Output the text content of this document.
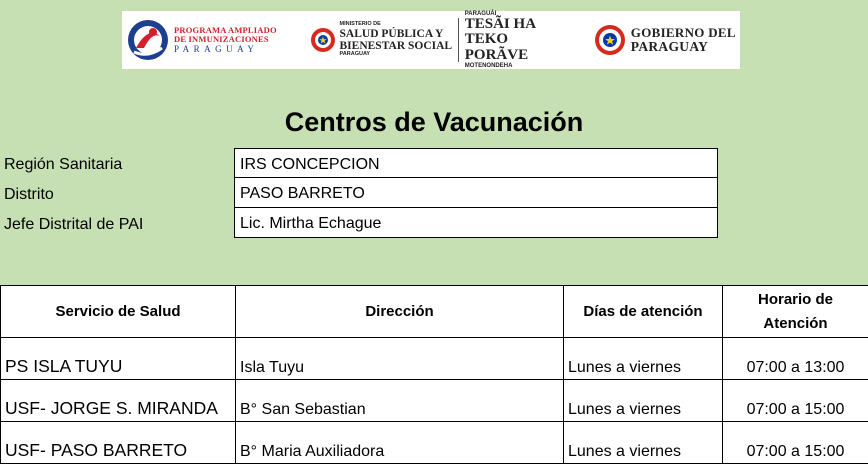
PROGRAMA AMPLIADO
DE INMUNIZACIONES
PARAGUAY
MINISTERIO DE
SALUD PÚBLICA Y
BIENESTAR SOCIAL
PARAGUAY
PARAGUÁI
TESÃI HA TEKO
PORÃVE
MOTENONDEHA
GOBIERNO DEL
PARAGUAY
Centros de Vacunación
Región Sanitaria	IRS CONCEPCION
Distrito	PASO BARRETO
Jefe Distrital de PAI	Lic. Mirtha Echague
Servicio de Salud	Dirección	Días de atención	Horario de
Atención
PS ISLA TUYU	Isla Tuyu	Lunes a viernes	07:00 a 13:00
USF- JORGE S. MIRANDA	B° San Sebastian	Lunes a viernes	07:00 a 15:00
USF- PASO BARRETO	B° Maria Auxiliadora	Lunes a viernes	07:00 a 15:00
